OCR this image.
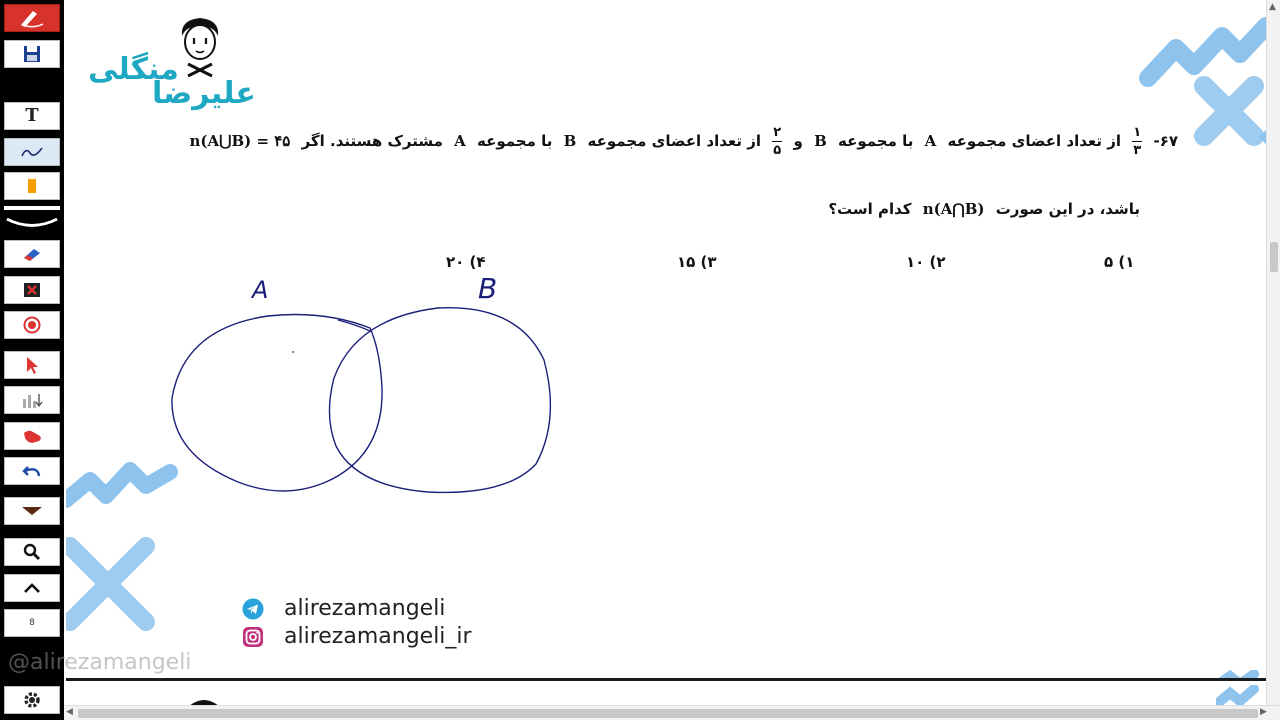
T
8
منگلی
علیرضا
۶۷-
$\frac{۱}{۳}$
از تعداد اعضای مجموعه A با مجموعه B و
$\frac{۲}{۵}$
از تعداد اعضای مجموعه B با مجموعه A مشترک هستند. اگر n(A⋃B) = ۴۵
باشد، در این صورت n(A⋂B) کدام است؟
۱) ۵
۲) ۱۰
۳) ۱۵
۴) ۲۰
A	B
alirezamangeli
alirezamangeli_ir
@alirezamangeli
▲
◀	▶
